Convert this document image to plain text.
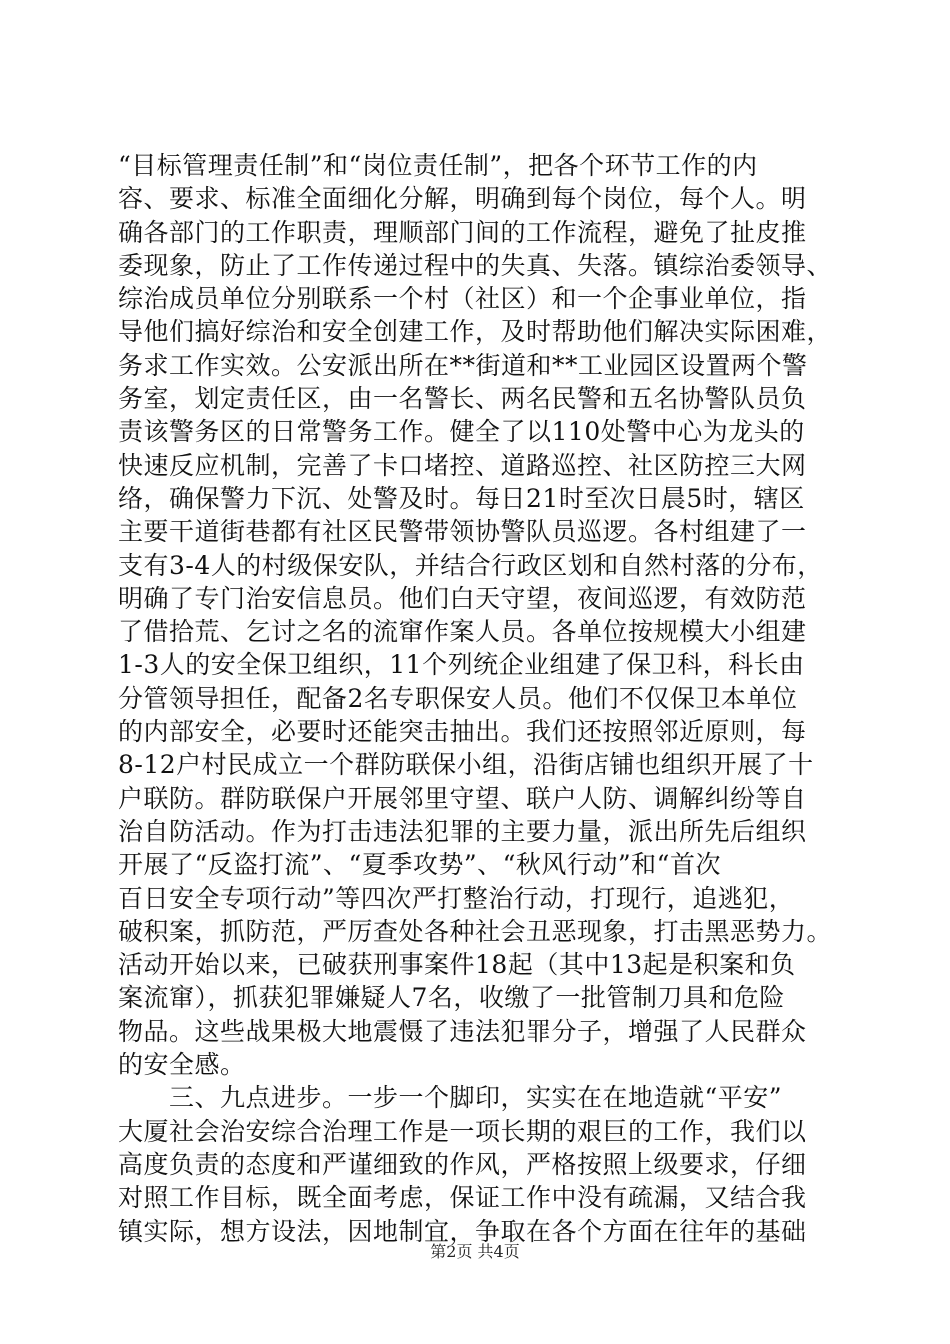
“目标管理责任制”和“岗位责任制”，把各个环节工作的内
容、要求、标准全面细化分解，明确到每个岗位，每个人。明
确各部门的工作职责，理顺部门间的工作流程，避免了扯皮推
委现象，防止了工作传递过程中的失真、失落。镇综治委领导、
综治成员单位分别联系一个村（社区）和一个企事业单位，指
导他们搞好综治和安全创建工作，及时帮助他们解决实际困难，
务求工作实效。公安派出所在**街道和**工业园区设置两个警
务室，划定责任区，由一名警长、两名民警和五名协警队员负
责该警务区的日常警务工作。健全了以110处警中心为龙头的
快速反应机制，完善了卡口堵控、道路巡控、社区防控三大网
络，确保警力下沉、处警及时。每日21时至次日晨5时，辖区
主要干道街巷都有社区民警带领协警队员巡逻。各村组建了一
支有3-4人的村级保安队，并结合行政区划和自然村落的分布，
明确了专门治安信息员。他们白天守望，夜间巡逻，有效防范
了借拾荒、乞讨之名的流窜作案人员。各单位按规模大小组建
1-3人的安全保卫组织，11个列统企业组建了保卫科，科长由
分管领导担任，配备2名专职保安人员。他们不仅保卫本单位
的内部安全，必要时还能突击抽出。我们还按照邻近原则，每
8-12户村民成立一个群防联保小组，沿街店铺也组织开展了十
户联防。群防联保户开展邻里守望、联户人防、调解纠纷等自
治自防活动。作为打击违法犯罪的主要力量，派出所先后组织
开展了“反盗打流”、“夏季攻势”、“秋风行动”和“首次
百日安全专项行动”等四次严打整治行动，打现行，追逃犯，
破积案，抓防范，严厉查处各种社会丑恶现象，打击黑恶势力。
活动开始以来，已破获刑事案件18起（其中13起是积案和负
案流窜），抓获犯罪嫌疑人7名，收缴了一批管制刀具和危险
物品。这些战果极大地震慑了违法犯罪分子，增强了人民群众
的安全感。
　　三、九点进步。一步一个脚印，实实在在地造就“平安”
大厦社会治安综合治理工作是一项长期的艰巨的工作，我们以
高度负责的态度和严谨细致的作风，严格按照上级要求，仔细
对照工作目标，既全面考虑，保证工作中没有疏漏，又结合我
镇实际，想方设法，因地制宜，争取在各个方面在往年的基础
第2页 共4页
